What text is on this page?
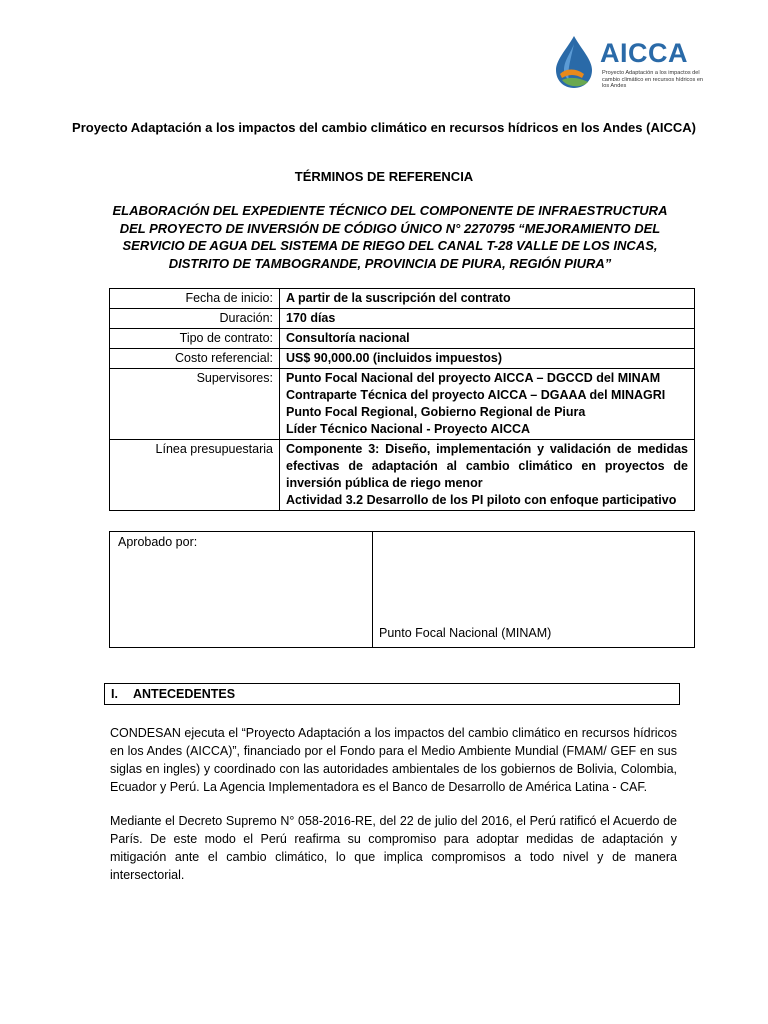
AICCA
Proyecto Adaptación a los impactos del cambio climático en recursos hídricos en los Andes
Proyecto Adaptación a los impactos del cambio climático en recursos hídricos en los Andes (AICCA)
TÉRMINOS DE REFERENCIA
ELABORACIÓN DEL EXPEDIENTE TÉCNICO DEL COMPONENTE DE INFRAESTRUCTURA DEL PROYECTO DE INVERSIÓN DE CÓDIGO ÚNICO N° 2270795 “MEJORAMIENTO DEL SERVICIO DE AGUA DEL SISTEMA DE RIEGO DEL CANAL T-28 VALLE DE LOS INCAS, DISTRITO DE TAMBOGRANDE, PROVINCIA DE PIURA, REGIÓN PIURA”
Fecha de inicio:	A partir de la suscripción del contrato

Duración:	170 días

Tipo de contrato:	Consultoría nacional

Costo referencial:	US$ 90,000.00 (incluidos impuestos)

Supervisores:	Punto Focal Nacional del proyecto AICCA – DGCCD del MINAM
Contraparte Técnica del proyecto AICCA – DGAAA del MINAGRI
Punto Focal Regional, Gobierno Regional de Piura
Líder Técnico Nacional - Proyecto AICCA

Línea presupuestaria	Componente 3: Diseño, implementación y validación de medidas efectivas de adaptación al cambio climático en proyectos de inversión pública de riego menor
Actividad 3.2 Desarrollo de los PI piloto con enfoque participativo
Aprobado por:
Punto Focal Nacional (MINAM)
I. ANTECEDENTES
CONDESAN ejecuta el “Proyecto Adaptación a los impactos del cambio climático en recursos hídricos en los Andes (AICCA)”, financiado por el Fondo para el Medio Ambiente Mundial (FMAM/ GEF en sus siglas en ingles) y coordinado con las autoridades ambientales de los gobiernos de Bolivia, Colombia, Ecuador y Perú. La Agencia Implementadora es el Banco de Desarrollo de América Latina - CAF.
Mediante el Decreto Supremo N° 058-2016-RE, del 22 de julio del 2016, el Perú ratificó el Acuerdo de París. De este modo el Perú reafirma su compromiso para adoptar medidas de adaptación y mitigación ante el cambio climático, lo que implica compromisos a todo nivel y de manera intersectorial.
